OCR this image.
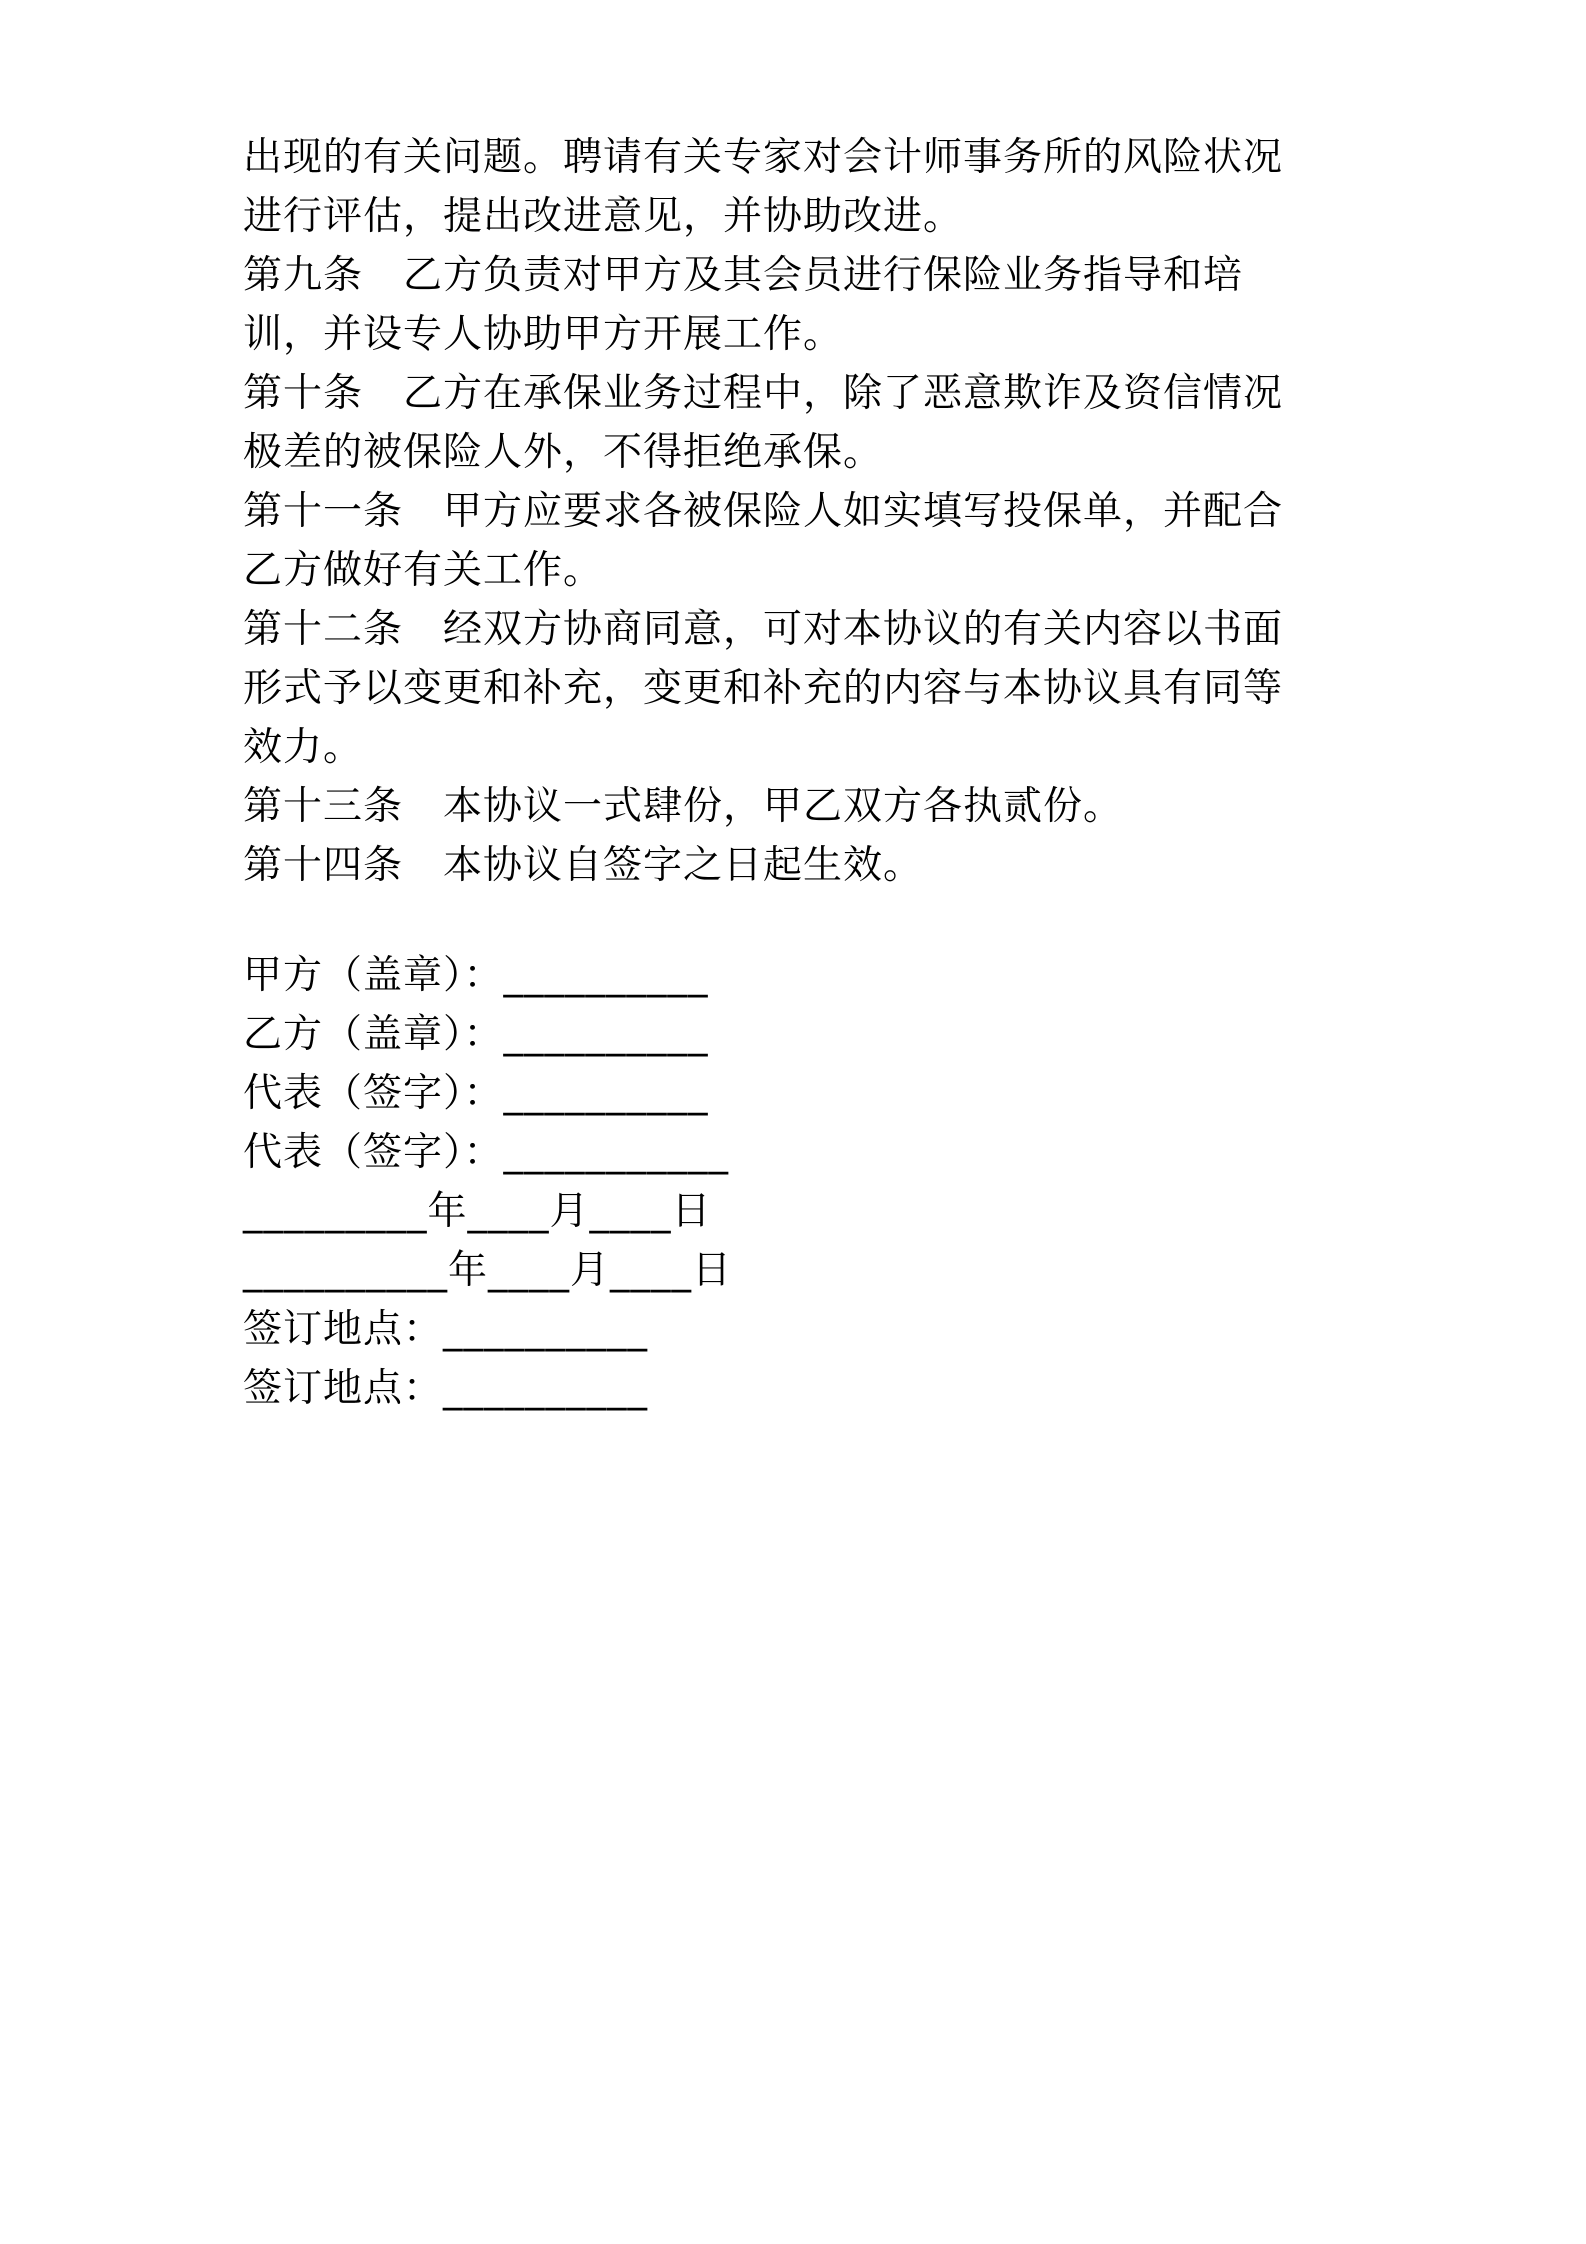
出现的有关问题。聘请有关专家对会计师事务所的风险状况
进行评估，提出改进意见，并协助改进。
第九条　乙方负责对甲方及其会员进行保险业务指导和培
训，并设专人协助甲方开展工作。
第十条　乙方在承保业务过程中，除了恶意欺诈及资信情况
极差的被保险人外，不得拒绝承保。
第十一条　甲方应要求各被保险人如实填写投保单，并配合
乙方做好有关工作。
第十二条　经双方协商同意，可对本协议的有关内容以书面
形式予以变更和补充，变更和补充的内容与本协议具有同等
效力。
第十三条　本协议一式肆份，甲乙双方各执贰份。
第十四条　本协议自签字之日起生效。
甲方（盖章）：__________
乙方（盖章）：__________
代表（签字）：__________
代表（签字）：___________
_________年____月____日
__________年____月____日
签订地点：__________
签订地点：__________
